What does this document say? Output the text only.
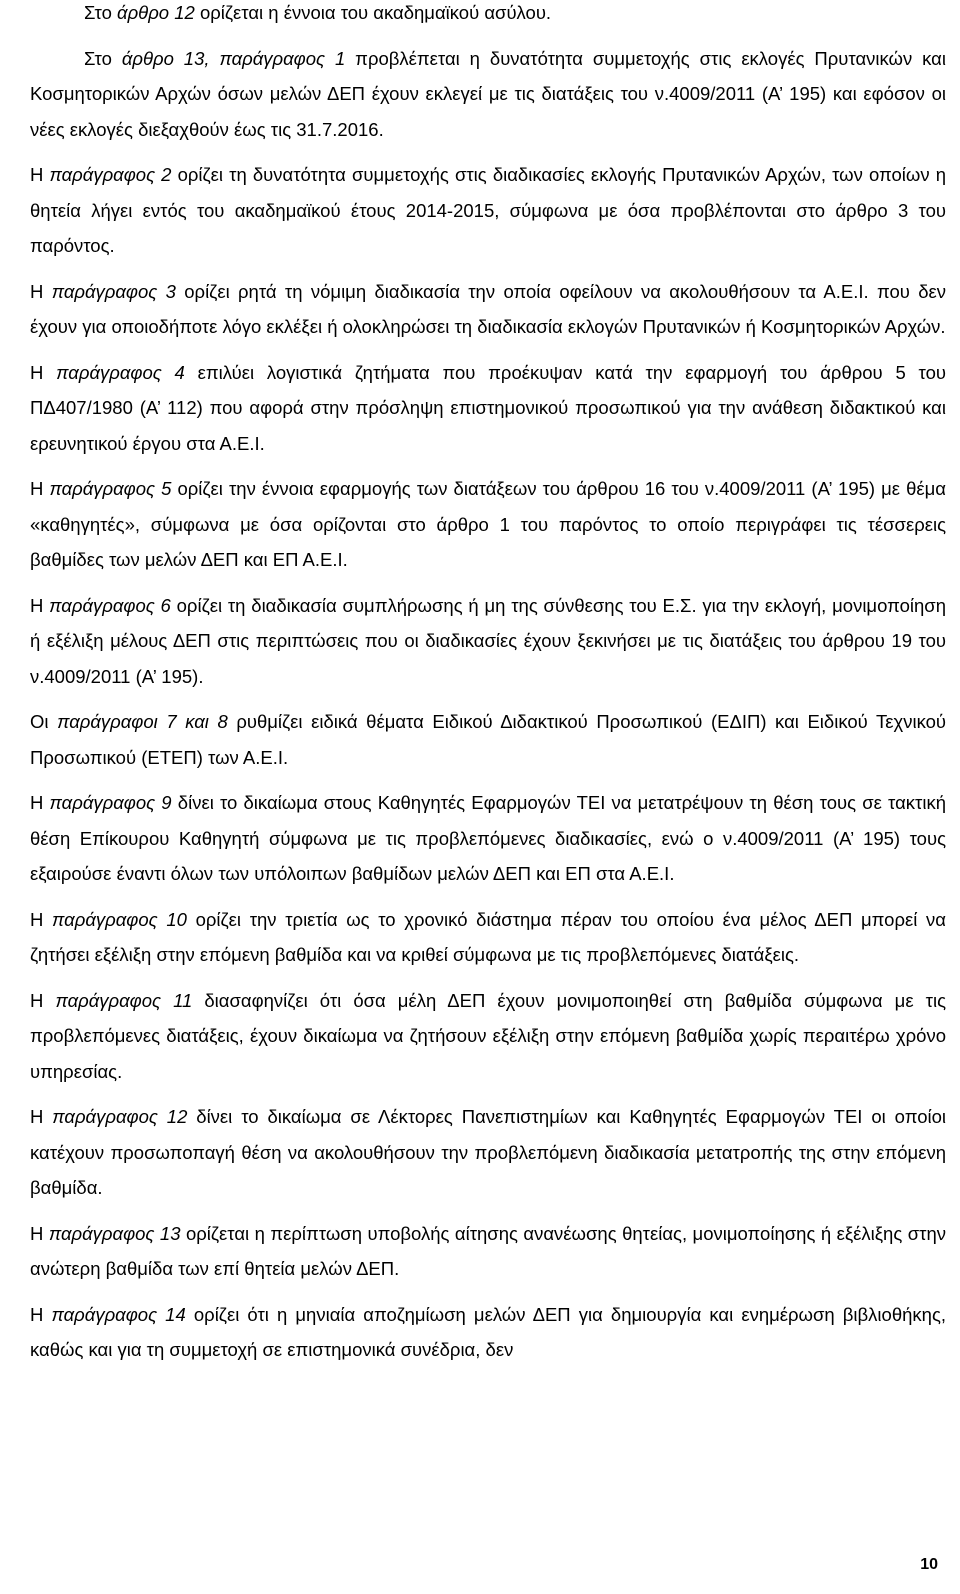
Στο άρθρο 12 ορίζεται η έννοια του ακαδημαϊκού ασύλου.

Στο άρθρο 13, παράγραφος 1 προβλέπεται η δυνατότητα συμμετοχής στις εκλογές Πρυτανικών και Κοσμητορικών Αρχών όσων μελών ΔΕΠ έχουν εκλεγεί με τις διατάξεις του ν.4009/2011 (Α’ 195) και εφόσον οι νέες εκλογές διεξαχθούν έως τις 31.7.2016.

Η παράγραφος 2 ορίζει τη δυνατότητα συμμετοχής στις διαδικασίες εκλογής Πρυτανικών Αρχών, των οποίων η θητεία λήγει εντός του ακαδημαϊκού έτους 2014-2015, σύμφωνα με όσα προβλέπονται στο άρθρο 3 του παρόντος.

Η παράγραφος 3 ορίζει ρητά τη νόμιμη διαδικασία την οποία οφείλουν να ακολουθήσουν τα Α.Ε.Ι. που δεν έχουν για οποιοδήποτε λόγο εκλέξει ή ολοκληρώσει τη διαδικασία εκλογών Πρυτανικών ή Κοσμητορικών Αρχών.

Η παράγραφος 4 επιλύει λογιστικά ζητήματα που προέκυψαν κατά την εφαρμογή του άρθρου 5 του ΠΔ407/1980 (Α’ 112) που αφορά στην πρόσληψη επιστημονικού προσωπικού για την ανάθεση διδακτικού και ερευνητικού έργου στα Α.Ε.Ι.

Η παράγραφος 5 ορίζει την έννοια εφαρμογής των διατάξεων του άρθρου 16 του ν.4009/2011 (Α’ 195) με θέμα «καθηγητές», σύμφωνα με όσα ορίζονται στο άρθρο 1 του παρόντος το οποίο περιγράφει τις τέσσερεις βαθμίδες των μελών ΔΕΠ και ΕΠ Α.Ε.Ι.

Η παράγραφος 6 ορίζει τη διαδικασία συμπλήρωσης ή μη της σύνθεσης του Ε.Σ. για την εκλογή, μονιμοποίηση ή εξέλιξη μέλους ΔΕΠ στις περιπτώσεις που οι διαδικασίες έχουν ξεκινήσει με τις διατάξεις του άρθρου 19 του ν.4009/2011 (Α’ 195).

Οι παράγραφοι 7 και 8 ρυθμίζει ειδικά θέματα Ειδικού Διδακτικού Προσωπικού (ΕΔΙΠ) και Ειδικού Τεχνικού Προσωπικού (ΕΤΕΠ) των Α.Ε.Ι.

Η παράγραφος 9 δίνει το δικαίωμα στους Καθηγητές Εφαρμογών ΤΕΙ να μετατρέψουν τη θέση τους σε τακτική θέση Επίκουρου Καθηγητή σύμφωνα με τις προβλεπόμενες διαδικασίες, ενώ ο ν.4009/2011 (Α’ 195) τους εξαιρούσε έναντι όλων των υπόλοιπων βαθμίδων μελών ΔΕΠ και ΕΠ στα Α.Ε.Ι.

Η παράγραφος 10 ορίζει την τριετία ως το χρονικό διάστημα πέραν του οποίου ένα μέλος ΔΕΠ μπορεί να ζητήσει εξέλιξη στην επόμενη βαθμίδα και να κριθεί σύμφωνα με τις προβλεπόμενες διατάξεις.

Η παράγραφος 11 διασαφηνίζει ότι όσα μέλη ΔΕΠ έχουν μονιμοποιηθεί στη βαθμίδα σύμφωνα με τις προβλεπόμενες διατάξεις, έχουν δικαίωμα να ζητήσουν εξέλιξη στην επόμενη βαθμίδα χωρίς περαιτέρω χρόνο υπηρεσίας.

Η παράγραφος 12 δίνει το δικαίωμα σε Λέκτορες Πανεπιστημίων και Καθηγητές Εφαρμογών ΤΕΙ οι οποίοι κατέχουν προσωποπαγή θέση να ακολουθήσουν την προβλεπόμενη διαδικασία μετατροπής της στην επόμενη βαθμίδα.

Η παράγραφος 13 ορίζεται η περίπτωση υποβολής αίτησης ανανέωσης θητείας, μονιμοποίησης ή εξέλιξης στην ανώτερη βαθμίδα των επί θητεία μελών ΔΕΠ.

Η παράγραφος 14 ορίζει ότι η μηνιαία αποζημίωση μελών ΔΕΠ για δημιουργία και ενημέρωση βιβλιοθήκης, καθώς και για τη συμμετοχή σε επιστημονικά συνέδρια, δεν

10
